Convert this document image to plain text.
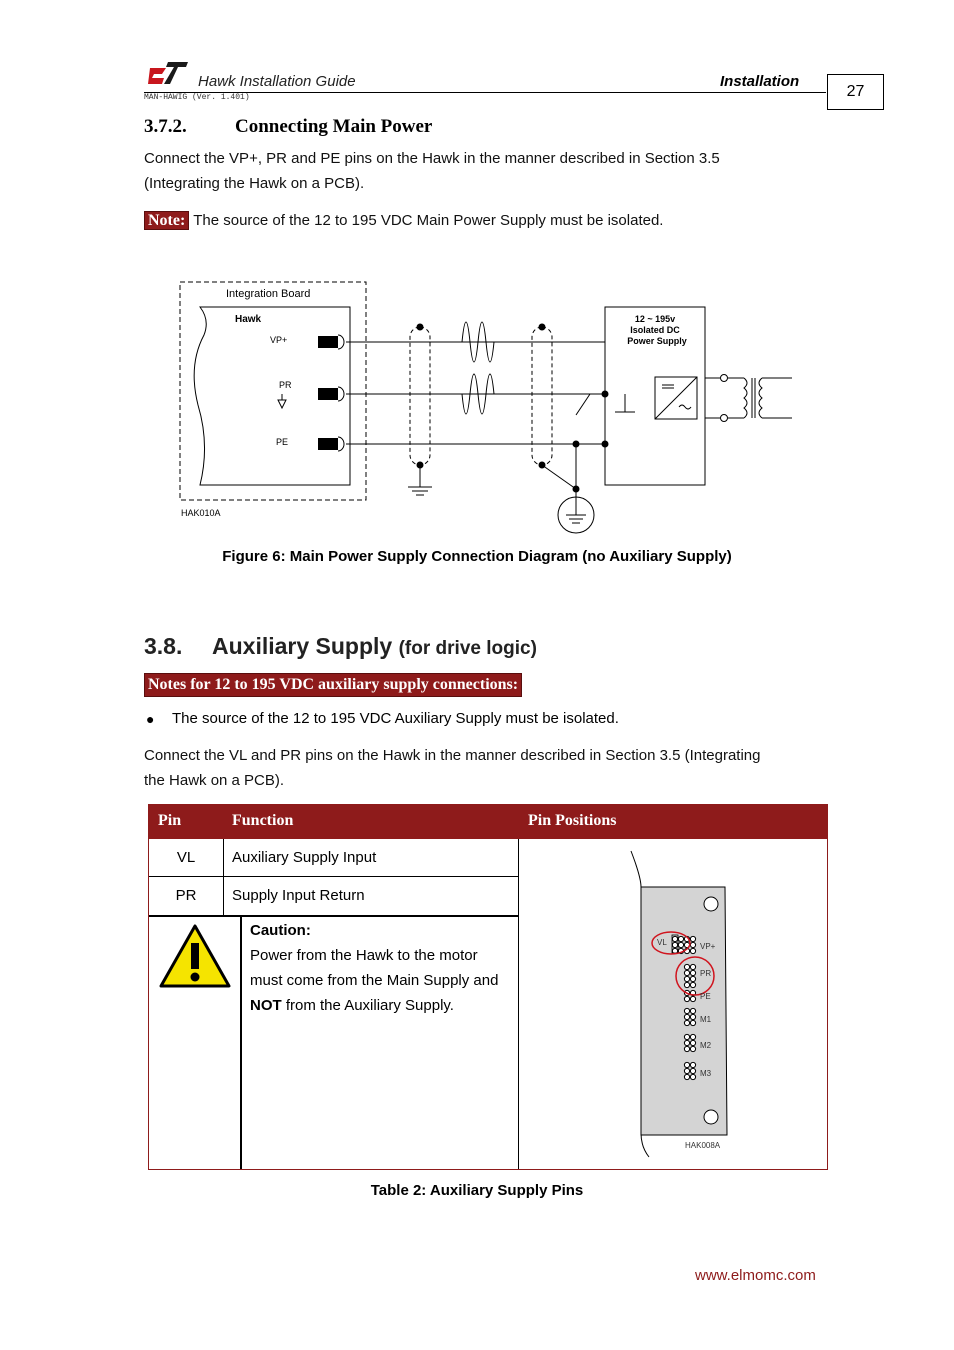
Hawk Installation Guide
MAN-HAWIG (Ver. 1.401)
Installation
27
3.7.2.	Connecting Main Power
Connect the VP+, PR and PE pins on the Hawk in the manner described in Section 3.5
(Integrating the Hawk on a PCB).
Note: The source of the 12 to 195 VDC Main Power Supply must be isolated.
Integration Board
Hawk
VP+
PR
PE
12 ~ 195v
Isolated DC
Power Supply
HAK010A
Figure 6: Main Power Supply Connection Diagram (no Auxiliary Supply)
3.8. Auxiliary Supply (for drive logic)
Notes for 12 to 195 VDC auxiliary supply connections:
● The source of the 12 to 195 VDC Auxiliary Supply must be isolated.
Connect the VL and PR pins on the Hawk in the manner described in Section 3.5 (Integrating
the Hawk on a PCB).
Pin	Function	Pin Positions
VL	Auxiliary Supply Input
PR	Supply Input Return
Caution:
Power from the Hawk to the motor must come from the Main Supply and NOT from the Auxiliary Supply.
VL	VP+
PR
PE
M1
M2
M3
HAK008A
Table 2: Auxiliary Supply Pins
www.elmomc.com
